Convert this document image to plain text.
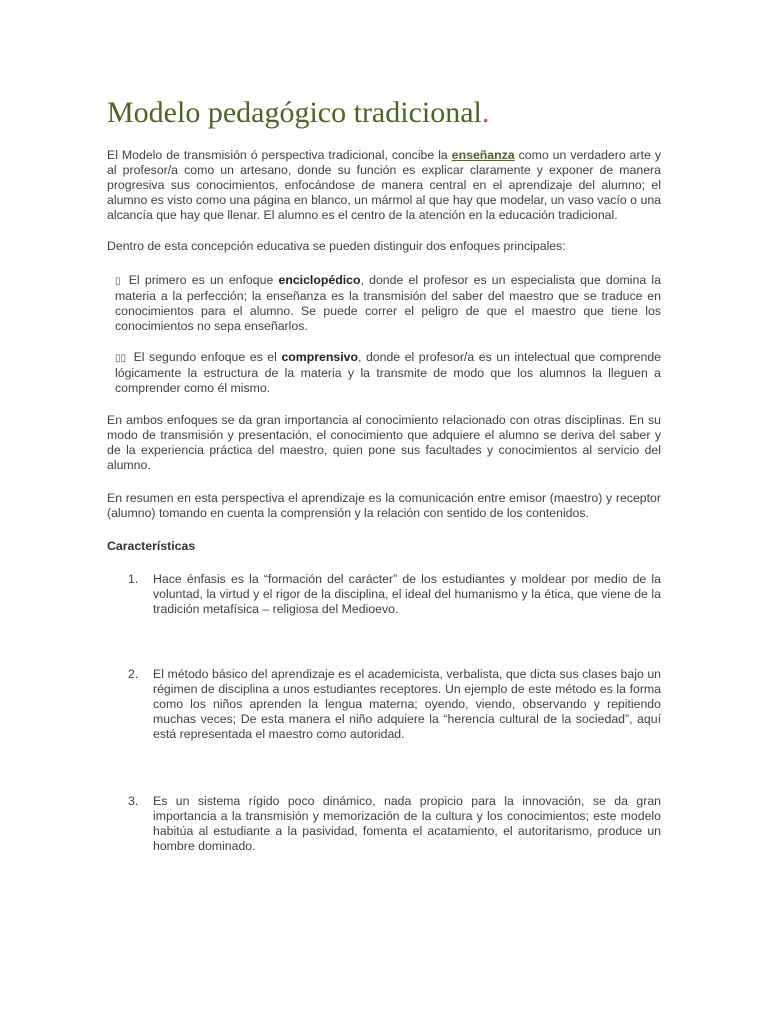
Modelo pedagógico tradicional.

El Modelo de transmisión ó perspectiva tradicional, concibe la enseñanza como un verdadero arte y al profesor/a como un artesano, donde su función es explicar claramente y exponer de manera progresiva sus conocimientos, enfocándose de manera central en el aprendizaje del alumno; el alumno es visto como una página en blanco, un mármol al que hay que modelar, un vaso vacío o una alcancía que hay que llenar. El alumno es el centro de la atención en la educación tradicional.

Dentro de esta concepción educativa se pueden distinguir dos enfoques principales:

▯ El primero es un enfoque enciclopédico, donde el profesor es un especialista que domina la materia a la perfección; la enseñanza es la transmisión del saber del maestro que se traduce en conocimientos para el alumno. Se puede correr el peligro de que el maestro que tiene los conocimientos no sepa enseñarlos.

▯▯ El segundo enfoque es el comprensivo, donde el profesor/a es un intelectual que comprende lógicamente la estructura de la materia y la transmite de modo que los alumnos la lleguen a comprender como él mismo.

En ambos enfoques se da gran importancia al conocimiento relacionado con otras disciplinas. En su modo de transmisión y presentación, el conocimiento que adquiere el alumno se deriva del saber y de la experiencia práctica del maestro, quien pone sus facultades y conocimientos al servicio del alumno.

En resumen en esta perspectiva el aprendizaje es la comunicación entre emisor (maestro) y receptor (alumno) tomando en cuenta la comprensión y la relación con sentido de los contenidos.

Características
1. Hace énfasis es la “formación del carácter” de los estudiantes y moldear por medio de la voluntad, la virtud y el rigor de la disciplina, el ideal del humanismo y la ética, que viene de la tradición metafísica – religiosa del Medioevo.

2. El método básico del aprendizaje es el academicista, verbalista, que dicta sus clases bajo un régimen de disciplina a unos estudiantes receptores. Un ejemplo de este método es la forma como los niños aprenden la lengua materna; oyendo, viendo, observando y repitiendo muchas veces; De esta manera el niño adquiere la “herencia cultural de la sociedad”, aquí está representada el maestro como autoridad.

3. Es un sistema rígido poco dinámico, nada propicio para la innovación, se da gran importancia a la transmisión y memorización de la cultura y los conocimientos; este modelo habitúa al estudiante a la pasividad, fomenta el acatamiento, el autoritarismo, produce un hombre dominado.
